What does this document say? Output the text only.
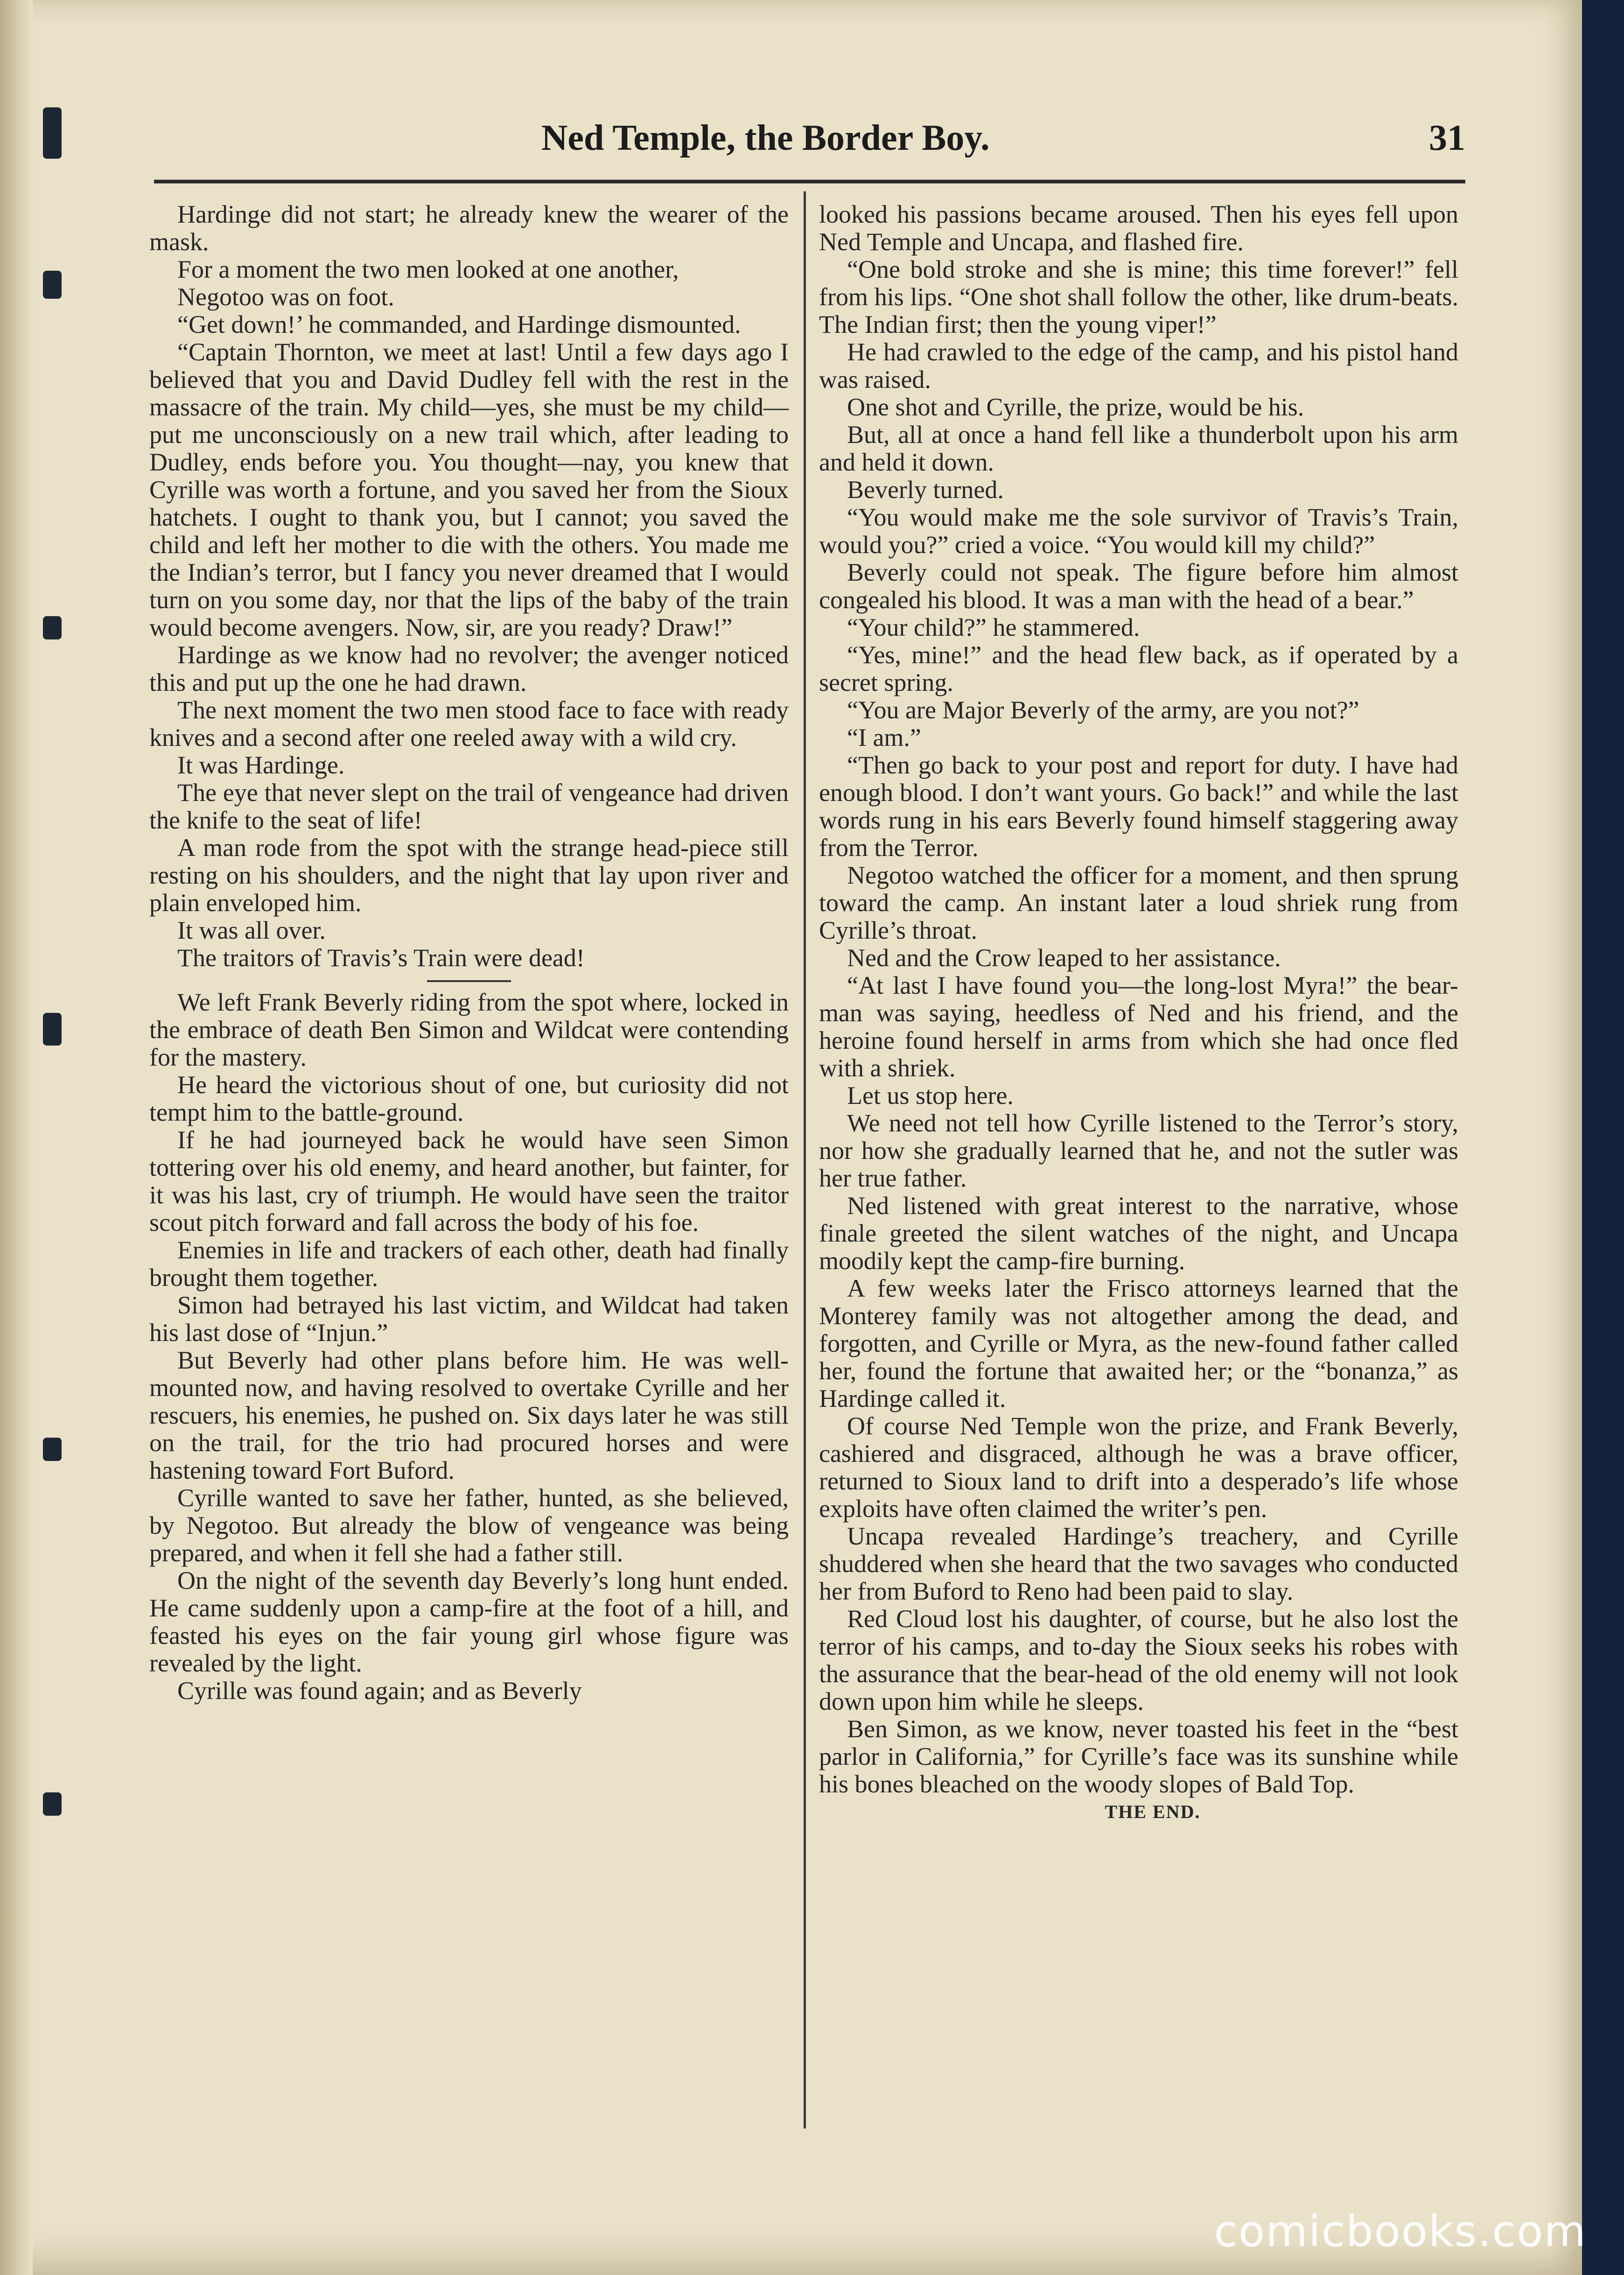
Ned Temple, the Border Boy.	31

Hardinge did not start; he already knew the wearer of the mask.

For a moment the two men looked at one another,

Negotoo was on foot.

“Get down!’ he commanded, and Hardinge dismounted.

“Captain Thornton, we meet at last! Until a few days ago I believed that you and David Dudley fell with the rest in the massacre of the train. My child—yes, she must be my child—put me unconsciously on a new trail which, after leading to Dudley, ends before you. You thought—nay, you knew that Cyrille was worth a fortune, and you saved her from the Sioux hatchets. I ought to thank you, but I cannot; you saved the child and left her mother to die with the others. You made me the Indian’s terror, but I fancy you never dreamed that I would turn on you some day, nor that the lips of the baby of the train would become avengers. Now, sir, are you ready? Draw!”

Hardinge as we know had no revolver; the avenger noticed this and put up the one he had drawn.

The next moment the two men stood face to face with ready knives and a second after one reeled away with a wild cry.

It was Hardinge.

The eye that never slept on the trail of vengeance had driven the knife to the seat of life!

A man rode from the spot with the strange head-piece still resting on his shoulders, and the night that lay upon river and plain enveloped him.

It was all over.

The traitors of Travis’s Train were dead!

We left Frank Beverly riding from the spot where, locked in the embrace of death Ben Simon and Wildcat were contending for the mastery.

He heard the victorious shout of one, but curiosity did not tempt him to the battle-ground.

If he had journeyed back he would have seen Simon tottering over his old enemy, and heard another, but fainter, for it was his last, cry of triumph. He would have seen the traitor scout pitch forward and fall across the body of his foe.

Enemies in life and trackers of each other, death had finally brought them together.

Simon had betrayed his last victim, and Wildcat had taken his last dose of “Injun.”

But Beverly had other plans before him. He was well-mounted now, and having resolved to overtake Cyrille and her rescuers, his enemies, he pushed on. Six days later he was still on the trail, for the trio had procured horses and were hastening toward Fort Buford.

Cyrille wanted to save her father, hunted, as she believed, by Negotoo. But already the blow of vengeance was being prepared, and when it fell she had a father still.

On the night of the seventh day Beverly’s long hunt ended. He came suddenly upon a camp-fire at the foot of a hill, and feasted his eyes on the fair young girl whose figure was revealed by the light.

Cyrille was found again; and as Beverly

looked his passions became aroused. Then his eyes fell upon Ned Temple and Uncapa, and flashed fire.

“One bold stroke and she is mine; this time forever!” fell from his lips. “One shot shall follow the other, like drum-beats. The Indian first; then the young viper!”

He had crawled to the edge of the camp, and his pistol hand was raised.

One shot and Cyrille, the prize, would be his.

But, all at once a hand fell like a thunderbolt upon his arm and held it down.

Beverly turned.

“You would make me the sole survivor of Travis’s Train, would you?” cried a voice. “You would kill my child?”

Beverly could not speak. The figure before him almost congealed his blood. It was a man with the head of a bear.”

“Your child?” he stammered.

“Yes, mine!” and the head flew back, as if operated by a secret spring.

“You are Major Beverly of the army, are you not?”

“I am.”

“Then go back to your post and report for duty. I have had enough blood. I don’t want yours. Go back!” and while the last words rung in his ears Beverly found himself staggering away from the Terror.

Negotoo watched the officer for a moment, and then sprung toward the camp. An instant later a loud shriek rung from Cyrille’s throat.

Ned and the Crow leaped to her assistance.

“At last I have found you—the long-lost Myra!” the bear-man was saying, heedless of Ned and his friend, and the heroine found herself in arms from which she had once fled with a shriek.

Let us stop here.

We need not tell how Cyrille listened to the Terror’s story, nor how she gradually learned that he, and not the sutler was her true father.

Ned listened with great interest to the narrative, whose finale greeted the silent watches of the night, and Uncapa moodily kept the camp-fire burning.

A few weeks later the Frisco attorneys learned that the Monterey family was not altogether among the dead, and forgotten, and Cyrille or Myra, as the new-found father called her, found the fortune that awaited her; or the “bonanza,” as Hardinge called it.

Of course Ned Temple won the prize, and Frank Beverly, cashiered and disgraced, although he was a brave officer, returned to Sioux land to drift into a desperado’s life whose exploits have often claimed the writer’s pen.

Uncapa revealed Hardinge’s treachery, and Cyrille shuddered when she heard that the two savages who conducted her from Buford to Reno had been paid to slay.

Red Cloud lost his daughter, of course, but he also lost the terror of his camps, and to-day the Sioux seeks his robes with the assurance that the bear-head of the old enemy will not look down upon him while he sleeps.

Ben Simon, as we know, never toasted his feet in the “best parlor in California,” for Cyrille’s face was its sunshine while his bones bleached on the woody slopes of Bald Top.

THE END.

comicbooks.com
